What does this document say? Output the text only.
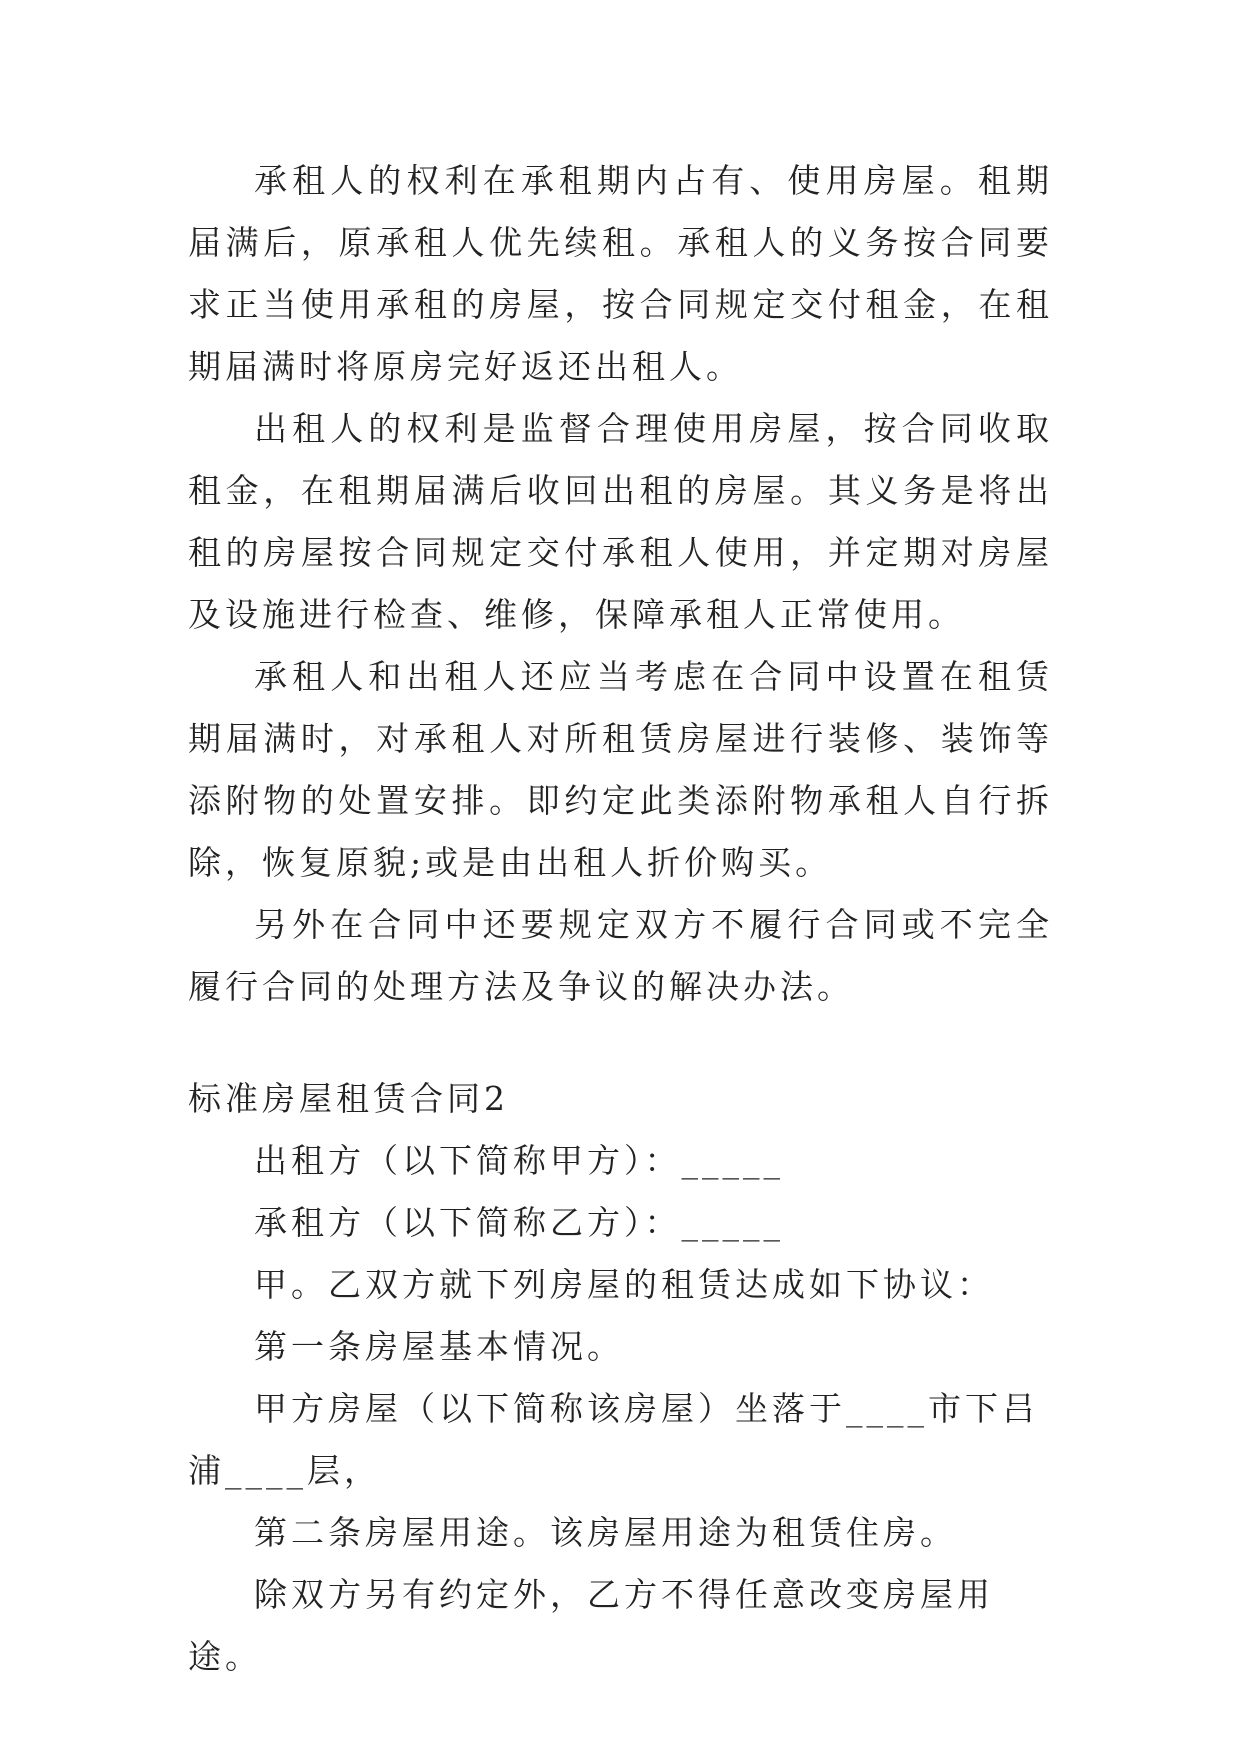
承租人的权利在承租期内占有、使用房屋。租期届满后，原承租人优先续租。承租人的义务按合同要求正当使用承租的房屋，按合同规定交付租金，在租期届满时将原房完好返还出租人。

出租人的权利是监督合理使用房屋，按合同收取租金，在租期届满后收回出租的房屋。其义务是将出租的房屋按合同规定交付承租人使用，并定期对房屋及设施进行检查、维修，保障承租人正常使用。

承租人和出租人还应当考虑在合同中设置在租赁期届满时，对承租人对所租赁房屋进行装修、装饰等添附物的处置安排。即约定此类添附物承租人自行拆除，恢复原貌;或是由出租人折价购买。

另外在合同中还要规定双方不履行合同或不完全履行合同的处理方法及争议的解决办法。

标准房屋租赁合同2

出租方（以下简称甲方）：_____

承租方（以下简称乙方）：_____

甲。乙双方就下列房屋的租赁达成如下协议：

第一条房屋基本情况。

甲方房屋（以下简称该房屋）坐落于____市下吕浦____层，

第二条房屋用途。该房屋用途为租赁住房。

除双方另有约定外，乙方不得任意改变房屋用途。
